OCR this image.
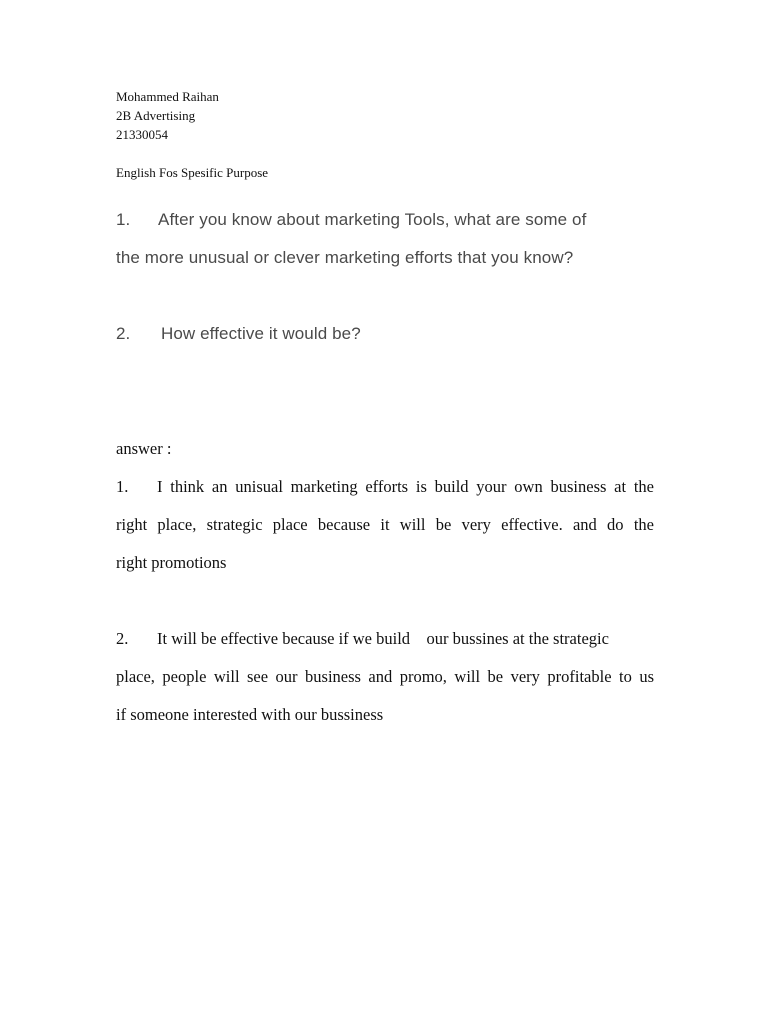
Mohammed Raihan
2B Advertising
21330054
English Fos Spesific Purpose
1. After you know about marketing Tools, what are some of
the more unusual or clever marketing efforts that you know?
2. How effective it would be?
answer :
1. I think an unisual marketing efforts is build your own business at the
right place, strategic place because it will be very effective. and do the
right promotions
2. It will be effective because if we build    our bussines at the strategic
place, people will see our business and promo, will be very profitable to us
if someone interested with our bussiness
